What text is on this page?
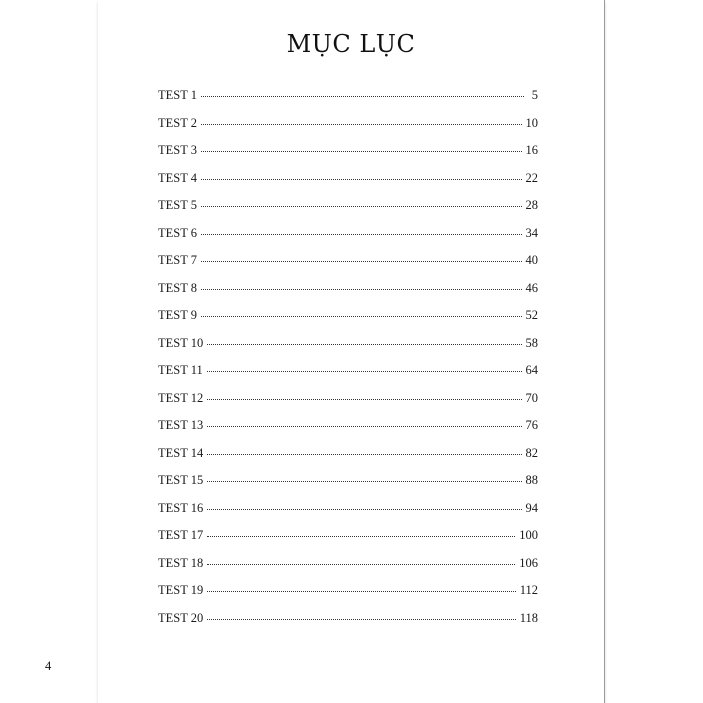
MỤC LỤC
TEST 1	5
TEST 2	10
TEST 3	16
TEST 4	22
TEST 5	28
TEST 6	34
TEST 7	40
TEST 8	46
TEST 9	52
TEST 10	58
TEST 11	64
TEST 12	70
TEST 13	76
TEST 14	82
TEST 15	88
TEST 16	94
TEST 17	100
TEST 18	106
TEST 19	112
TEST 20	118
4
